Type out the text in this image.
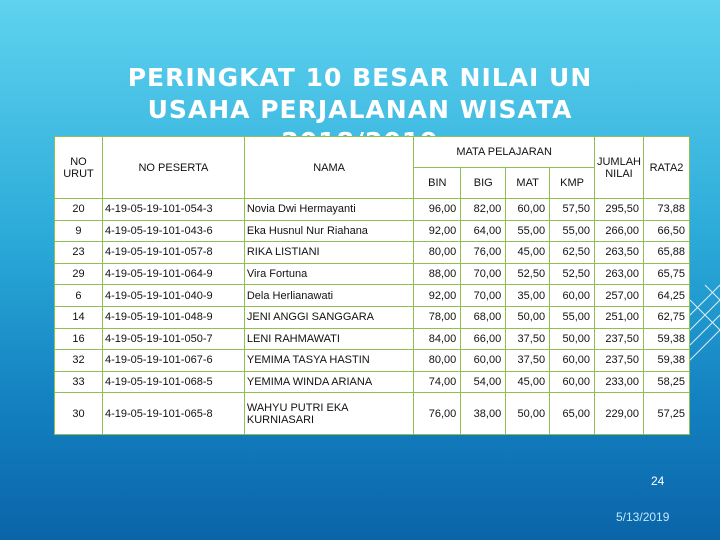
PERINGKAT 10 BESAR NILAI UN
USAHA PERJALANAN WISATA
NO URUT	NO PESERTA	NAMA	MATA PELAJARAN				JUMLAH NILAI	RATA2
			BIN	BIG	MAT	KMP		
20	4-19-05-19-101-054-3	Novia Dwi Hermayanti	96,00	82,00	60,00	57,50	295,50	73,88
9	4-19-05-19-101-043-6	Eka Husnul Nur Riahana	92,00	64,00	55,00	55,00	266,00	66,50
23	4-19-05-19-101-057-8	RIKA LISTIANI	80,00	76,00	45,00	62,50	263,50	65,88
29	4-19-05-19-101-064-9	Vira Fortuna	88,00	70,00	52,50	52,50	263,00	65,75
6	4-19-05-19-101-040-9	Dela Herlianawati	92,00	70,00	35,00	60,00	257,00	64,25
14	4-19-05-19-101-048-9	JENI ANGGI SANGGARA	78,00	68,00	50,00	55,00	251,00	62,75
16	4-19-05-19-101-050-7	LENI RAHMAWATI	84,00	66,00	37,50	50,00	237,50	59,38
32	4-19-05-19-101-067-6	YEMIMA TASYA HASTIN	80,00	60,00	37,50	60,00	237,50	59,38
33	4-19-05-19-101-068-5	YEMIMA WINDA ARIANA	74,00	54,00	45,00	60,00	233,00	58,25
30	4-19-05-19-101-065-8	WAHYU PUTRI EKA KURNIASARI	76,00	38,00	50,00	65,00	229,00	57,25
24
5/13/2019
